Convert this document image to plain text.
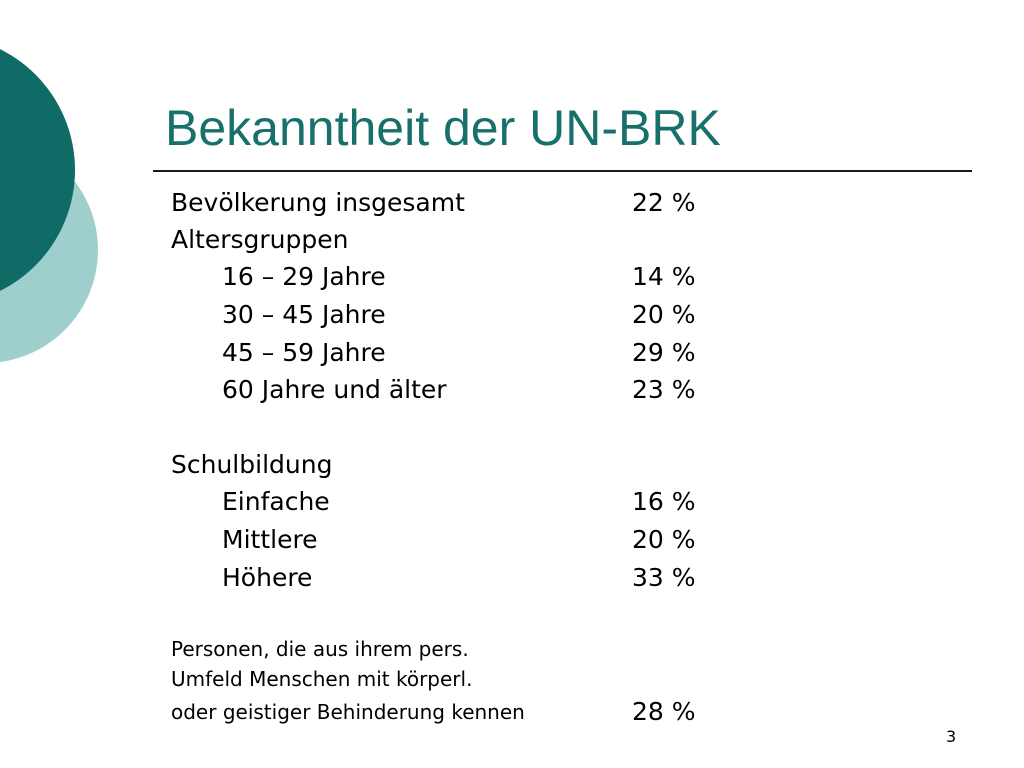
Bekanntheit der UN-BRK
Bevölkerung insgesamt	22 %
Altersgruppen
16 – 29 Jahre	14 %
30 – 45 Jahre	20 %
45 – 59 Jahre	29 %
60 Jahre und älter	23 %
Schulbildung
Einfache	16 %
Mittlere	20 %
Höhere	33 %
Personen, die aus ihrem pers.
Umfeld Menschen mit körperl.
oder geistiger Behinderung kennen	28 %
3
